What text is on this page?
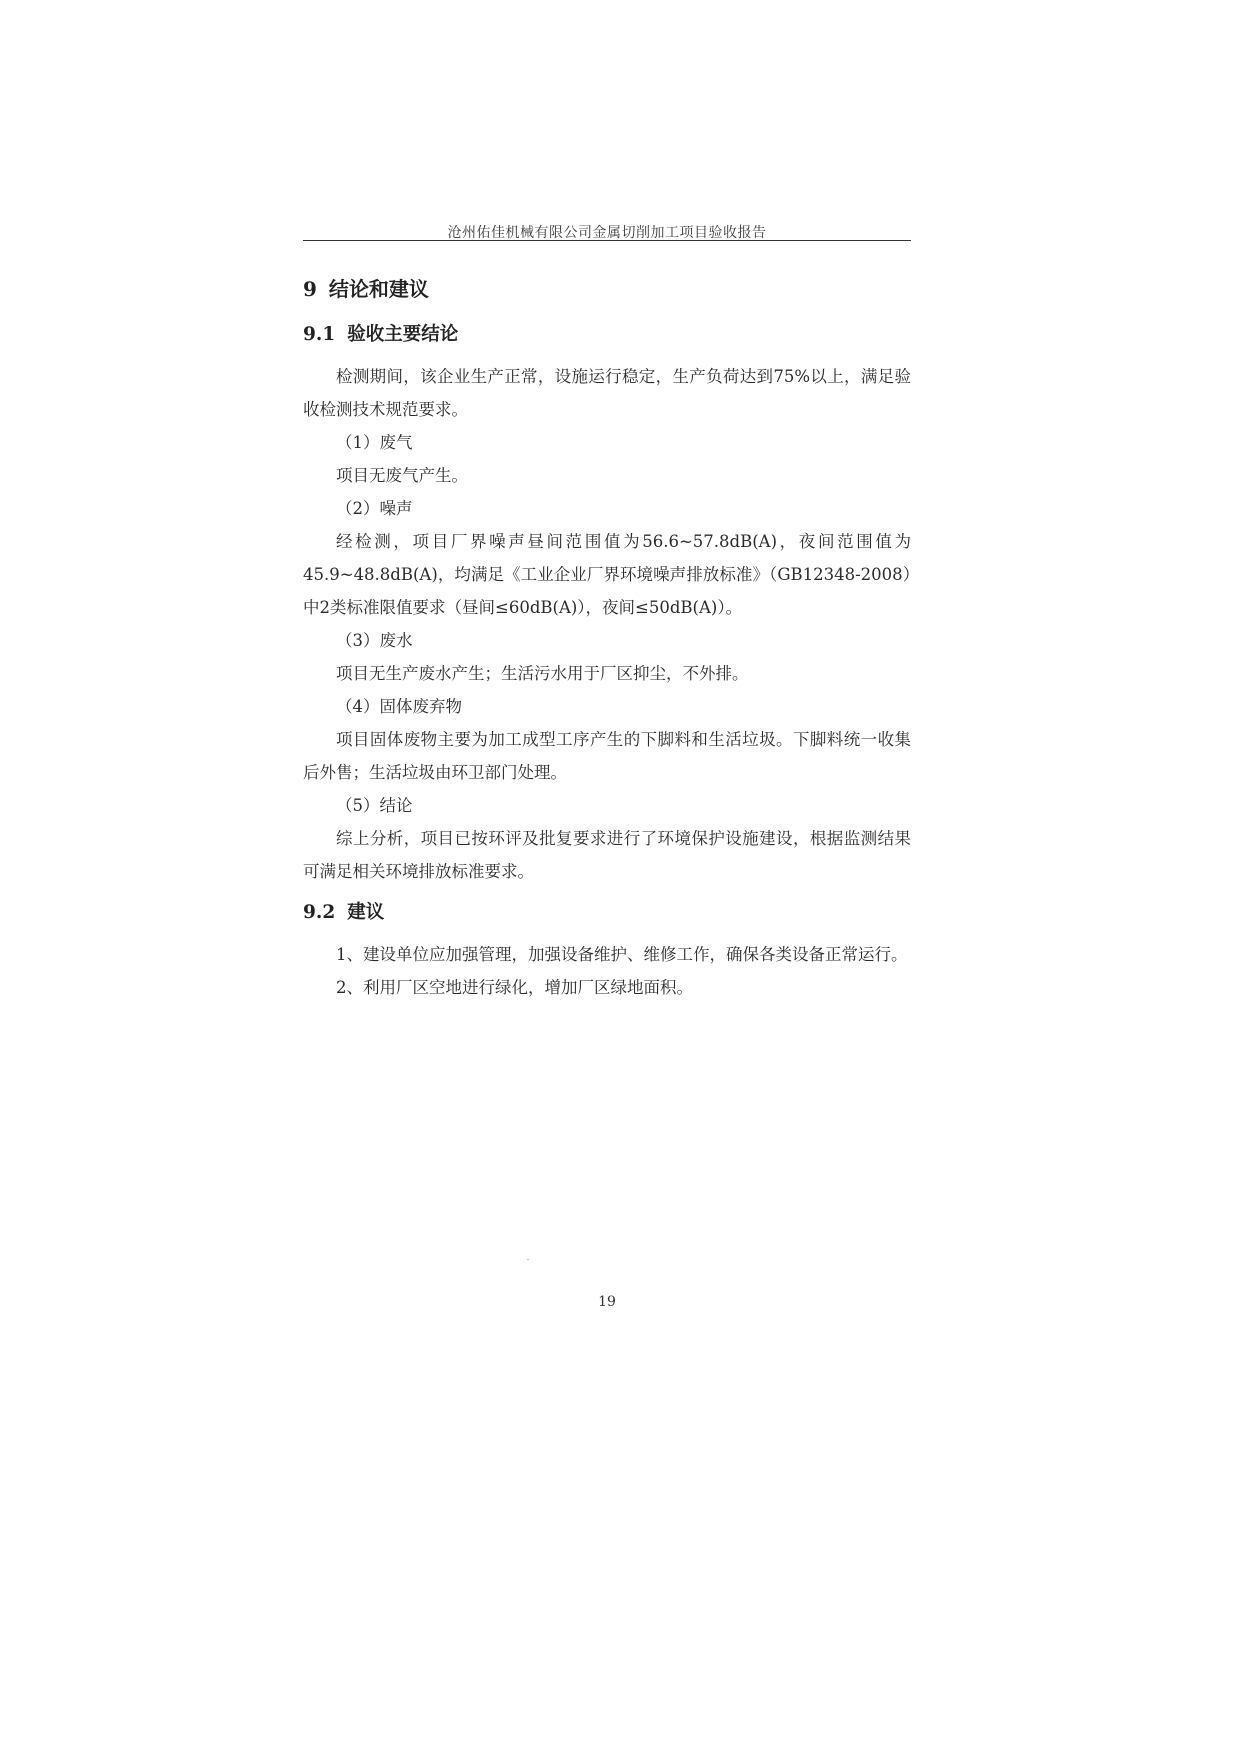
沧州佑佳机械有限公司金属切削加工项目验收报告
9 结论和建议
9.1 验收主要结论

检测期间，该企业生产正常，设施运行稳定，生产负荷达到75%以上，满足验收检测技术规范要求。

（1）废气

项目无废气产生。

（2）噪声

经检测，项目厂界噪声昼间范围值为56.6~57.8dB(A)，夜间范围值为45.9~48.8dB(A)，均满足《工业企业厂界环境噪声排放标准》（GB12348-2008）中2类标准限值要求（昼间≤60dB(A)），夜间≤50dB(A)）。

（3）废水

项目无生产废水产生；生活污水用于厂区抑尘，不外排。

（4）固体废弃物

项目固体废物主要为加工成型工序产生的下脚料和生活垃圾。下脚料统一收集后外售；生活垃圾由环卫部门处理。

（5）结论

综上分析，项目已按环评及批复要求进行了环境保护设施建设，根据监测结果可满足相关环境排放标准要求。

9.2 建议

1、建设单位应加强管理，加强设备维护、维修工作，确保各类设备正常运行。

2、利用厂区空地进行绿化，增加厂区绿地面积。

19
